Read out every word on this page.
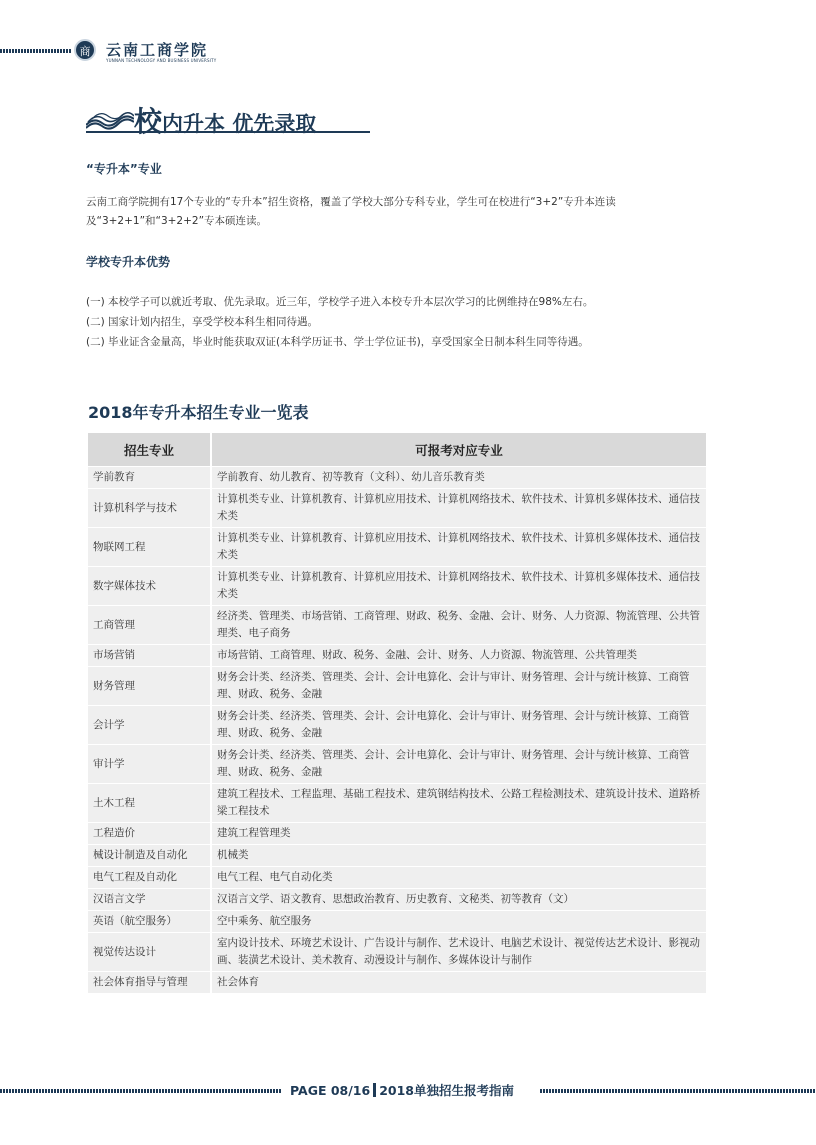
商	云南工商学院
YUNNAN TECHNOLOGY AND BUSINESS UNIVERSITY
校内升本 优先录取
“专升本”专业
云南工商学院拥有17个专业的“专升本”招生资格，覆盖了学校大部分专科专业，学生可在校进行“3+2”专升本连读及“3+2+1”和“3+2+2”专本硕连读。
学校专升本优势
(一) 本校学子可以就近考取、优先录取。近三年，学校学子进入本校专升本层次学习的比例维持在98%左右。
(二) 国家计划内招生，享受学校本科生相同待遇。
(二) 毕业证含金量高，毕业时能获取双证(本科学历证书、学士学位证书)，享受国家全日制本科生同等待遇。
2018年专升本招生专业一览表
招生专业	可报考对应专业
学前教育	学前教育、幼儿教育、初等教育（文科）、幼儿音乐教育类
计算机科学与技术	计算机类专业、计算机教育、计算机应用技术、计算机网络技术、软件技术、计算机多媒体技术、通信技术类
物联网工程	计算机类专业、计算机教育、计算机应用技术、计算机网络技术、软件技术、计算机多媒体技术、通信技术类
数字媒体技术	计算机类专业、计算机教育、计算机应用技术、计算机网络技术、软件技术、计算机多媒体技术、通信技术类
工商管理	经济类、管理类、市场营销、工商管理、财政、税务、金融、会计、财务、人力资源、物流管理、公共管理类、电子商务
市场营销	市场营销、工商管理、财政、税务、金融、会计、财务、人力资源、物流管理、公共管理类
财务管理	财务会计类、经济类、管理类、会计、会计电算化、会计与审计、财务管理、会计与统计核算、工商管理、财政、税务、金融
会计学	财务会计类、经济类、管理类、会计、会计电算化、会计与审计、财务管理、会计与统计核算、工商管理、财政、税务、金融
审计学	财务会计类、经济类、管理类、会计、会计电算化、会计与审计、财务管理、会计与统计核算、工商管理、财政、税务、金融
土木工程	建筑工程技术、工程监理、基础工程技术、建筑钢结构技术、公路工程检测技术、建筑设计技术、道路桥梁工程技术
工程造价	建筑工程管理类
械设计制造及自动化	机械类
电气工程及自动化	电气工程、电气自动化类
汉语言文学	汉语言文学、语文教育、思想政治教育、历史教育、文秘类、初等教育（文）
英语（航空服务）	空中乘务、航空服务
视觉传达设计	室内设计技术、环境艺术设计、广告设计与制作、艺术设计、电脑艺术设计、视觉传达艺术设计、影视动画、装潢艺术设计、美术教育、动漫设计与制作、多媒体设计与制作
社会体育指导与管理	社会体育
PAGE 08/16 2018单独招生报考指南
